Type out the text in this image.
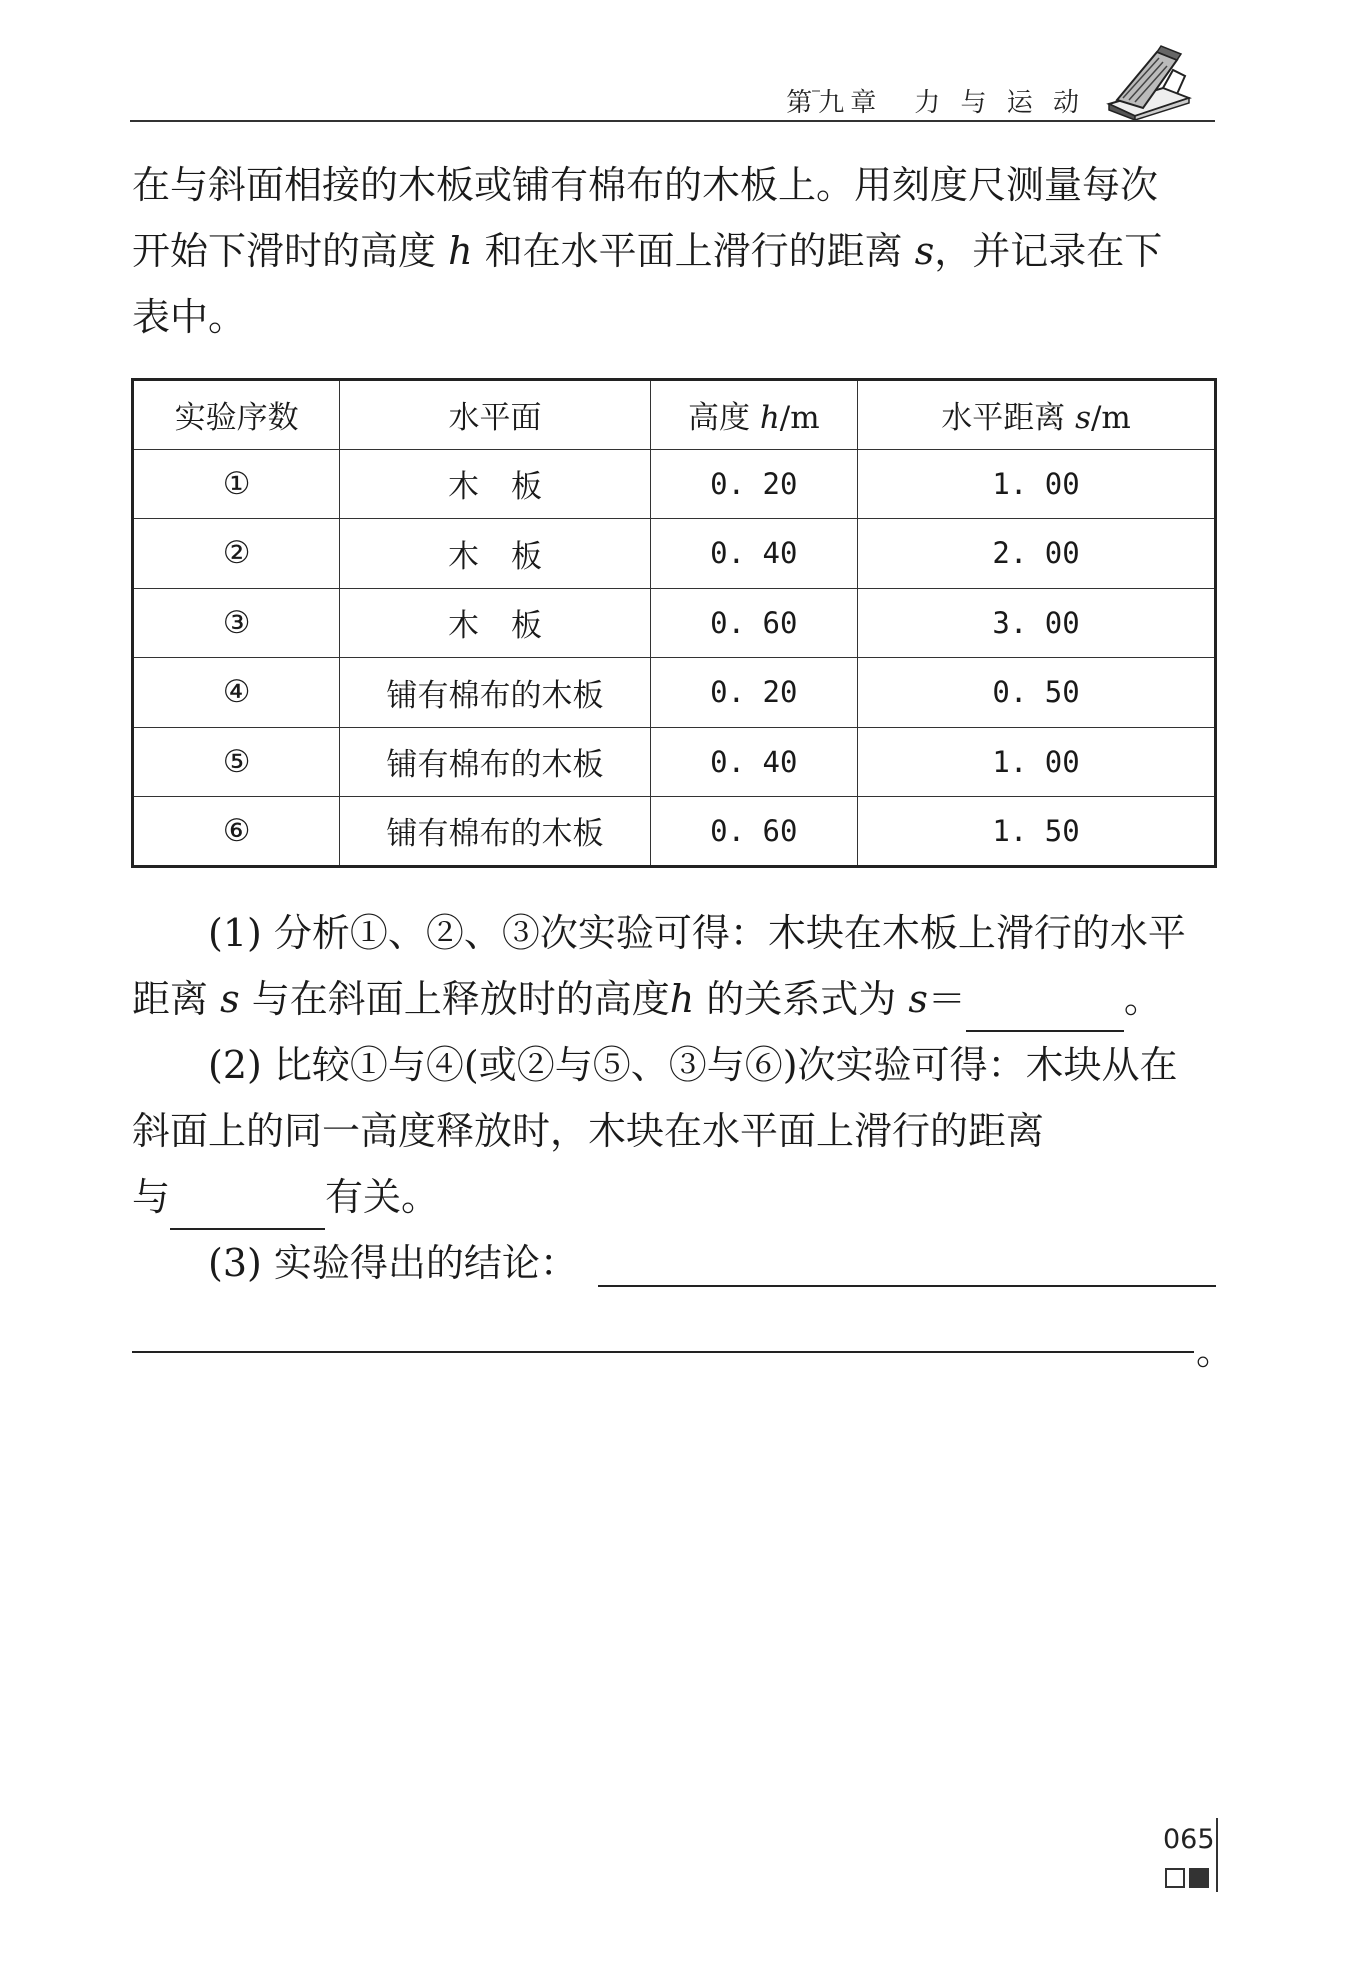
第九章　力 与 运 动

在与斜面相接的木板或铺有棉布的木板上。用刻度尺测量每次

开始下滑时的高度 h 和在水平面上滑行的距离 s，并记录在下

表中。

实验序数	水平面	高度 h/m	水平距离 s/m
①	木板	0. 20	1. 00
②	木板	0. 40	2. 00
③	木板	0. 60	3. 00
④	铺有棉布的木板	0. 20	0. 50
⑤	铺有棉布的木板	0. 40	1. 00
⑥	铺有棉布的木板	0. 60	1. 50

(1) 分析①、②、③次实验可得：木块在木板上滑行的水平

距离 s 与在斜面上释放时的高度h 的关系式为 s＝	。

(2) 比较①与④(或②与⑤、③与⑥)次实验可得：木块从在

斜面上的同一高度释放时，木块在水平面上滑行的距离

与	有关。

(3) 实验得出的结论：

。
065
